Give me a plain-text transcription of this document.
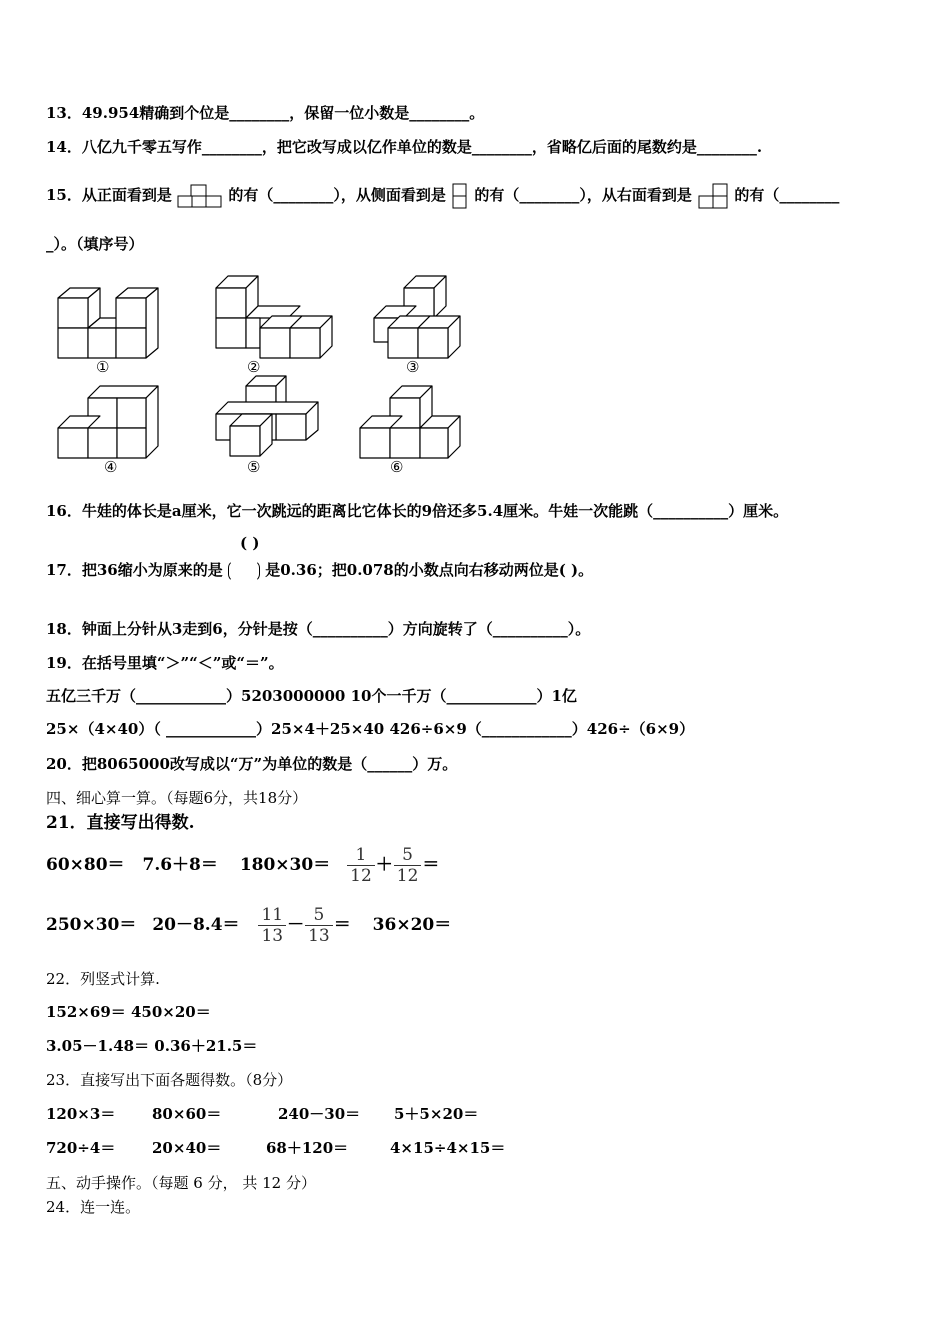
13．49.954精确到个位是________，保留一位小数是________。
14．八亿九千零五写作________，把它改写成以亿作单位的数是________，省略亿后面的尾数约是________.
15．从正面看到是	的有（________），从侧面看到是 的有（________），从右面看到是	的有（________
_）。（填序号）
①	②	③
④	⑤	⑥
16．牛娃的体长是a厘米，它一次跳远的距离比它体长的9倍还多5.4厘米。牛娃一次能跳（__________）厘米。
( )
17．把36缩小为原来的是	是0.36；把0.078的小数点向右移动两位是( )。
18．钟面上分针从3走到6，分针是按（__________）方向旋转了（__________）。
19．在括号里填“＞”“＜”或“＝”。
五亿三千万（____________）5203000000 10个一千万（____________）1亿
25×（4×40）（ ____________）25×4＋25×40 426÷6×9（____________）426÷（6×9）
20．把8065000改写成以“万”为单位的数是（______）万。
四、细心算一算。（每题6分，共18分）
21．直接写出得数.
$60\times 80= 7.6+8= 180\times 30= \frac{1}{12} + \frac{5}{12}$ ＝
$250\times 30= 20-8.4= \frac{11}{13} - \frac{5}{13} = 36\times 20=$
22．列竖式计算.
152×69＝ 450×20＝
3.05－1.48＝ 0.36＋21.5＝
23．直接写出下面各题得数。（8分）
120×3＝ 80×60＝	240－30＝ 5＋5×20＝
720÷4＝ 20×40＝	68＋120＝	4×15÷4×15＝
五、动手操作。（每题 6 分， 共 12 分）
24．连一连。
